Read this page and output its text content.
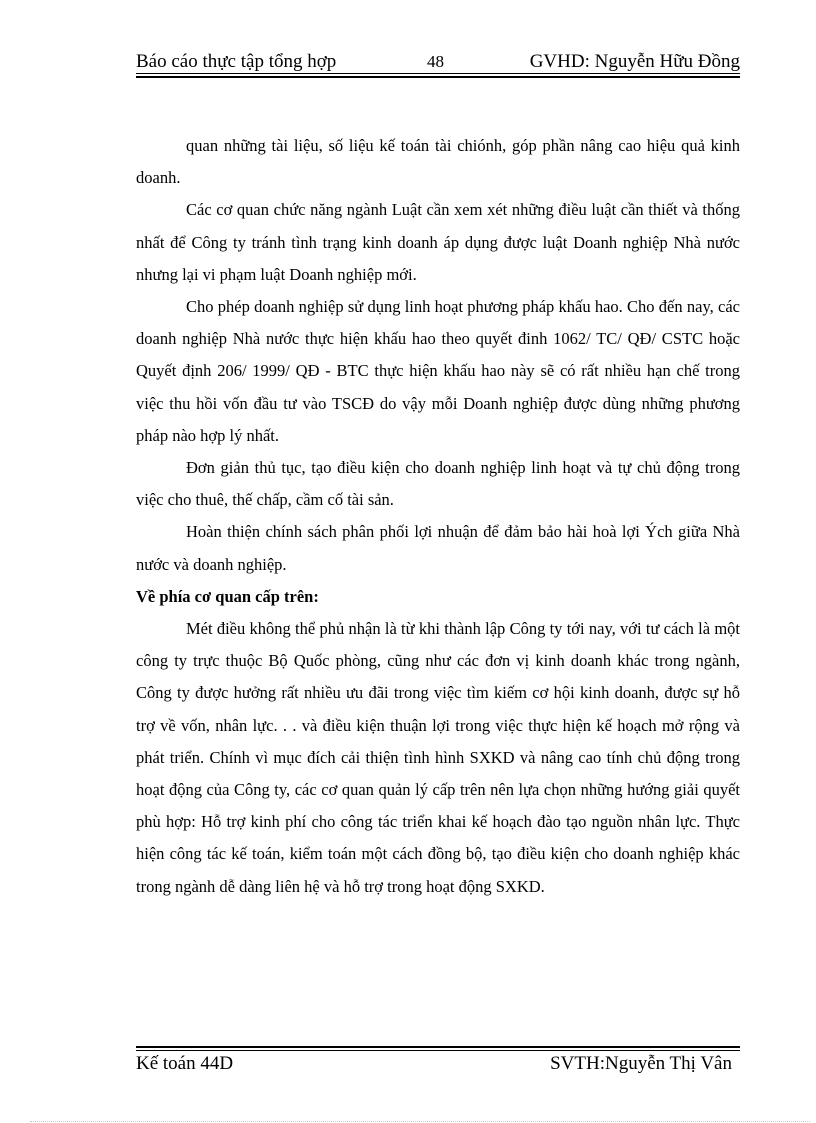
Báo cáo thực tập tổng hợp	48	GVHD: Nguyễn Hữu Đồng

quan những tài liệu, số liệu kế toán tài chiónh, góp phần nâng cao hiệu quả kinh doanh.

Các cơ quan chức năng ngành Luật cần xem xét những điều luật cần thiết và thống nhất để Công ty tránh tình trạng kinh doanh áp dụng được luật Doanh nghiệp Nhà nước nhưng lại vi phạm luật Doanh nghiệp mới.

Cho phép doanh nghiệp sử dụng linh hoạt phương pháp khấu hao. Cho đến nay, các doanh nghiệp Nhà nước thực hiện khấu hao theo quyết đinh 1062/ TC/ QĐ/ CSTC hoặc Quyết định 206/ 1999/ QĐ - BTC thực hiện khấu hao này sẽ có rất nhiều hạn chế trong việc thu hồi vốn đầu tư vào TSCĐ do vậy mỗi Doanh nghiệp được dùng những phương pháp nào hợp lý nhất.

Đơn giản thủ tục, tạo điều kiện cho doanh nghiệp linh hoạt và tự chủ động trong việc cho thuê, thế chấp, cầm cố tài sản.

Hoàn thiện chính sách phân phối lợi nhuận để đảm bảo hài hoà lợi Ých giữa Nhà nước và doanh nghiệp.

Về phía cơ quan cấp trên:

Mét điều không thể phủ nhận là từ khi thành lập Công ty tới nay, với tư cách là một công ty trực thuộc Bộ Quốc phòng, cũng như các đơn vị kinh doanh khác trong ngành, Công ty được hưởng rất nhiều ưu đãi trong việc tìm kiếm cơ hội kinh doanh, được sự hỗ trợ về vốn, nhân lực. . . và điều kiện thuận lợi trong việc thực hiện kế hoạch mở rộng và phát triển. Chính vì mục đích cải thiện tình hình SXKD và nâng cao tính chủ động trong hoạt động của Công ty, các cơ quan quản lý cấp trên nên lựa chọn những hướng giải quyết phù hợp: Hỗ trợ kinh phí cho công tác triển khai kế hoạch đào tạo nguồn nhân lực. Thực hiện công tác kế toán, kiểm toán một cách đồng bộ, tạo điều kiện cho doanh nghiệp khác trong ngành dễ dàng liên hệ và hỗ trợ trong hoạt động SXKD.

Kế toán 44D	SVTH:Nguyễn Thị Vân
